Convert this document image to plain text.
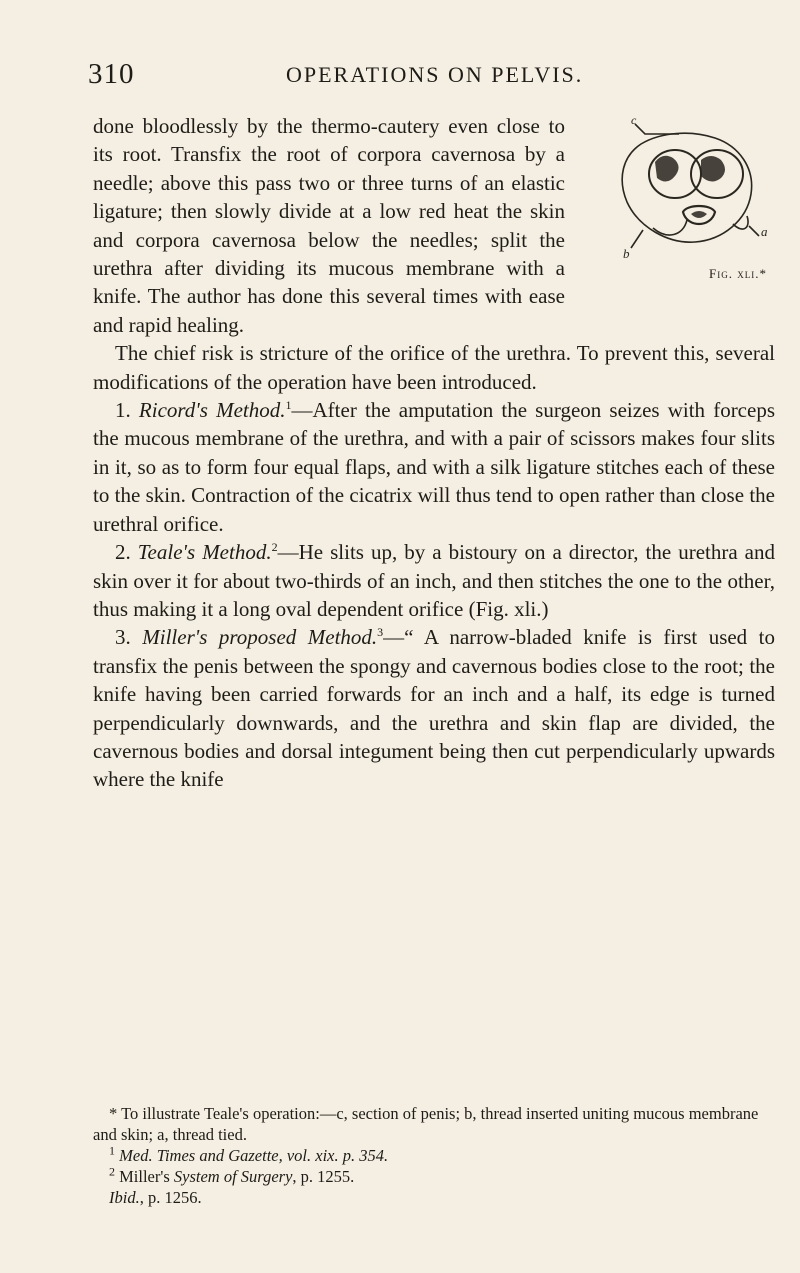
310	OPERATIONS ON PELVIS.

c
b
a
Fig. xli.*
done bloodlessly by the thermo-cautery even close to its root. Transfix the root of corpora cavernosa by a needle; above this pass two or three turns of an elastic ligature; then slowly divide at a low red heat the skin and corpora cavernosa below the needles; split the urethra after dividing its mucous membrane with a knife. The author has done this several times with ease and rapid healing.

The chief risk is stricture of the orifice of the urethra. To prevent this, several modifications of the operation have been introduced.

1. Ricord's Method.$^1$—After the amputation the surgeon seizes with forceps the mucous membrane of the urethra, and with a pair of scissors makes four slits in it, so as to form four equal flaps, and with a silk ligature stitches each of these to the skin. Contraction of the cicatrix will thus tend to open rather than close the urethral orifice.

2. Teale's Method.$^2$—He slits up, by a bistoury on a director, the urethra and skin over it for about two-thirds of an inch, and then stitches the one to the other, thus making it a long oval dependent orifice (Fig. xli.)

3. Miller's proposed Method.$^3$—“ A narrow-bladed knife is first used to transfix the penis between the spongy and cavernous bodies close to the root; the knife having been carried forwards for an inch and a half, its edge is turned perpendicularly downwards, and the urethra and skin flap are divided, the cavernous bodies and dorsal integument being then cut perpendicularly upwards where the knife

* To illustrate Teale's operation:—c, section of penis; b, thread inserted uniting mucous membrane and skin; a, thread tied.

$^1$ Med. Times and Gazette, vol. xix. p. 354.

$^2$ Miller's System of Surgery, p. 1255.

Ibid., p. 1256.
